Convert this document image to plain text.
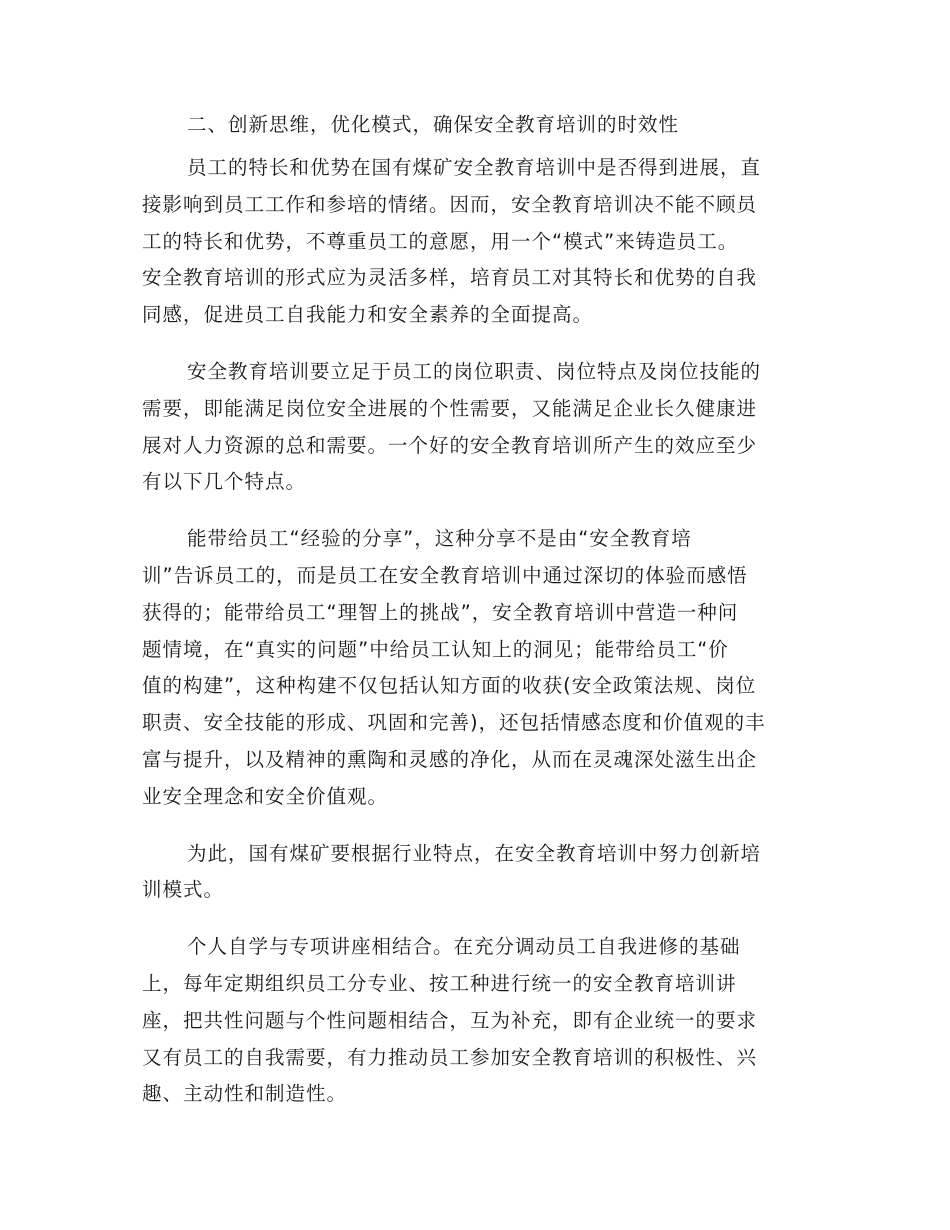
二、创新思维，优化模式，确保安全教育培训的时效性
员工的特长和优势在国有煤矿安全教育培训中是否得到进展，直
接影响到员工工作和参培的情绪。因而，安全教育培训决不能不顾员
工的特长和优势，不尊重员工的意愿，用一个“模式”来铸造员工。
安全教育培训的形式应为灵活多样，培育员工对其特长和优势的自我
同感，促进员工自我能力和安全素养的全面提高。
安全教育培训要立足于员工的岗位职责、岗位特点及岗位技能的
需要，即能满足岗位安全进展的个性需要，又能满足企业长久健康进
展对人力资源的总和需要。一个好的安全教育培训所产生的效应至少
有以下几个特点。
能带给员工“经验的分享”，这种分享不是由“安全教育培
训”告诉员工的，而是员工在安全教育培训中通过深切的体验而感悟
获得的；能带给员工“理智上的挑战”，安全教育培训中营造一种问
题情境，在“真实的问题”中给员工认知上的洞见；能带给员工“价
值的构建”，这种构建不仅包括认知方面的收获(安全政策法规、岗位
职责、安全技能的形成、巩固和完善)，还包括情感态度和价值观的丰
富与提升，以及精神的熏陶和灵感的净化，从而在灵魂深处滋生出企
业安全理念和安全价值观。
为此，国有煤矿要根据行业特点，在安全教育培训中努力创新培
训模式。
个人自学与专项讲座相结合。在充分调动员工自我进修的基础
上，每年定期组织员工分专业、按工种进行统一的安全教育培训讲
座，把共性问题与个性问题相结合，互为补充，即有企业统一的要求
又有员工的自我需要，有力推动员工参加安全教育培训的积极性、兴
趣、主动性和制造性。
